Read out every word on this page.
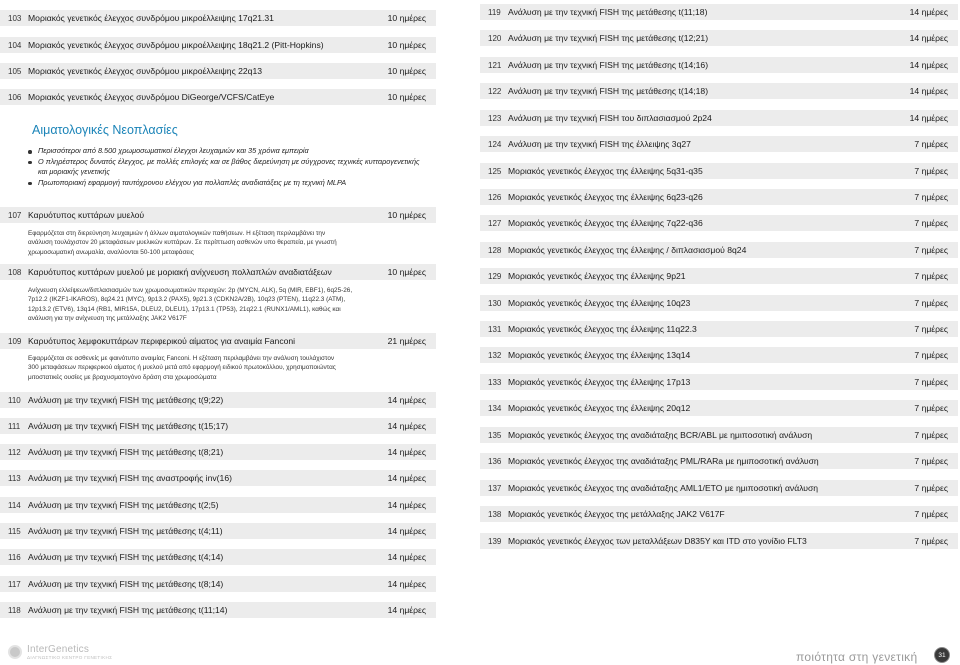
103 Μοριακός γενετικός έλεγχος συνδρόμου μικροέλλειψης 17q21.31	10 ημέρες
104 Μοριακός γενετικός έλεγχος συνδρόμου μικροέλλειψης 18q21.2 (Pitt-Hopkins)	10 ημέρες
105 Μοριακός γενετικός έλεγχος συνδρόμου μικροέλλειψης 22q13	10 ημέρες
106 Μοριακός γενετικός έλεγχος συνδρόμου DiGeorge/VCFS/CatEye	10 ημέρες
Αιματολογικές Νεοπλασίες
Περισσότεροι από 8.500 χρωμοσωματικοί έλεγχοι λευχαιμιών και 35 χρόνια εμπειρία
Ο πληρέστερος δυνατός έλεγχος, με πολλές επιλογές και σε βάθος διερεύνηση με σύγχρονες τεχνικές κυτταρογενετικής και μοριακής γενετικής
Πρωτοποριακή εφαρμογή ταυτόχρονου ελέγχου για πολλαπλές αναδιατάξεις με τη τεχνική MLPA
107 Καρυότυπος κυττάρων μυελού	10 ημέρες
Εφαρμόζεται στη διερεύνηση λευχαιμιών ή άλλων αιματολογικών παθήσεων. Η εξέταση περιλαμβάνει την
ανάλυση τουλάχιστον 20 μεταφάσεων μυελικών κυττάρων. Σε περίπτωση ασθενών υπο θεραπεία, με γνωστή
χρωμοσωματική ανωμαλία, αναλύονται 50-100 μεταφάσεις
108 Καρυότυπος κυττάρων μυελού με μοριακή ανίχνευση πολλαπλών αναδιατάξεων	10 ημέρες
Ανίχνευση ελλείψεων/διπλασιασμών των χρωμοσωματικών περιοχών: 2p (MYCN, ALK), 5q (MIR, EBF1), 6q25-26,
7p12.2 (IKZF1-IKAROS), 8q24.21 (MYC), 9p13.2 (PAX5), 9p21.3 (CDKN2A/2B), 10q23 (PTEN), 11q22.3 (ATM),
12p13.2 (ETV6), 13q14 (RB1, MIR15A, DLEU2, DLEU1), 17p13.1 (TP53), 21q22.1 (RUNX1/AML1), καθώς και
ανάλυση για την ανίχνευση της μετάλλαξης JAK2 V617F
109 Καρυότυπος λεμφοκυττάρων περιφερικού αίματος για αναιμία Fanconi	21 ημέρες
Εφαρμόζεται σε ασθενείς με φαινότυπο αναιμίας Fanconi. Η εξέταση περιλαμβάνει την ανάλυση τουλάχιστον
300 μεταφάσεων περιφερικού αίματος ή μυελού μετά από εφαρμογή ειδικού πρωτοκόλλου, χρησιμοποιώντας
μιτοστατικές ουσίες με βραχυσματογόνο δράση στα χρωμοσώματα
110 Ανάλυση με την τεχνική FISH της μετάθεσης t(9;22)	14 ημέρες
111 Ανάλυση με την τεχνική FISH της μετάθεσης t(15;17)	14 ημέρες
112 Ανάλυση με την τεχνική FISH της μετάθεσης t(8;21)	14 ημέρες
113 Ανάλυση με την τεχνική FISH της αναστροφής inv(16)	14 ημέρες
114 Ανάλυση με την τεχνική FISH της μετάθεσης t(2;5)	14 ημέρες
115 Ανάλυση με την τεχνική FISH της μετάθεσης t(4;11)	14 ημέρες
116 Ανάλυση με την τεχνική FISH της μετάθεσης t(4;14)	14 ημέρες
117 Ανάλυση με την τεχνική FISH της μετάθεσης t(8;14)	14 ημέρες
118 Ανάλυση με την τεχνική FISH της μετάθεσης t(11;14)	14 ημέρες
119 Ανάλυση με την τεχνική FISH της μετάθεσης t(11;18)	14 ημέρες
120 Ανάλυση με την τεχνική FISH της μετάθεσης t(12;21)	14 ημέρες
121 Ανάλυση με την τεχνική FISH της μετάθεσης t(14;16)	14 ημέρες
122 Ανάλυση με την τεχνική FISH της μετάθεσης t(14;18)	14 ημέρες
123 Ανάλυση με την τεχνική FISH του διπλασιασμού 2p24	14 ημέρες
124 Ανάλυση με την τεχνική FISH της έλλειψης 3q27	7 ημέρες
125 Μοριακός γενετικός έλεγχος της έλλειψης 5q31-q35	7 ημέρες
126 Μοριακός γενετικός έλεγχος της έλλειψης 6q23-q26	7 ημέρες
127 Μοριακός γενετικός έλεγχος της έλλειψης 7q22-q36	7 ημέρες
128 Μοριακός γενετικός έλεγχος της έλλειψης / διπλασιασμού 8q24	7 ημέρες
129 Μοριακός γενετικός έλεγχος της έλλειψης 9p21	7 ημέρες
130 Μοριακός γενετικός έλεγχος της έλλειψης 10q23	7 ημέρες
131 Μοριακός γενετικός έλεγχος της έλλειψης 11q22.3	7 ημέρες
132 Μοριακός γενετικός έλεγχος της έλλειψης 13q14	7 ημέρες
133 Μοριακός γενετικός έλεγχος της έλλειψης 17p13	7 ημέρες
134 Μοριακός γενετικός έλεγχος της έλλειψης 20q12	7 ημέρες
135 Μοριακός γενετικός έλεγχος της αναδιάταξης BCR/ABL με ημιποσοτική ανάλυση	7 ημέρες
136 Μοριακός γενετικός έλεγχος της αναδιάταξης PML/RARa με ημιποσοτική ανάλυση	7 ημέρες
137 Μοριακός γενετικός έλεγχος της αναδιάταξης AML1/ETO με ημιποσοτική ανάλυση	7 ημέρες
138 Μοριακός γενετικός έλεγχος της μετάλλαξης JAK2 V617F	7 ημέρες
139 Μοριακός γενετικός έλεγχος των μεταλλάξεων D835Y και ITD στο γονίδιο FLT3	7 ημέρες
InterGenetics
ΔΙΑΓΝΩΣΤΙΚΟ ΚΕΝΤΡΟ ΓΕΝΕΤΙΚΗΣ	ποιότητα στη γενετική	31
